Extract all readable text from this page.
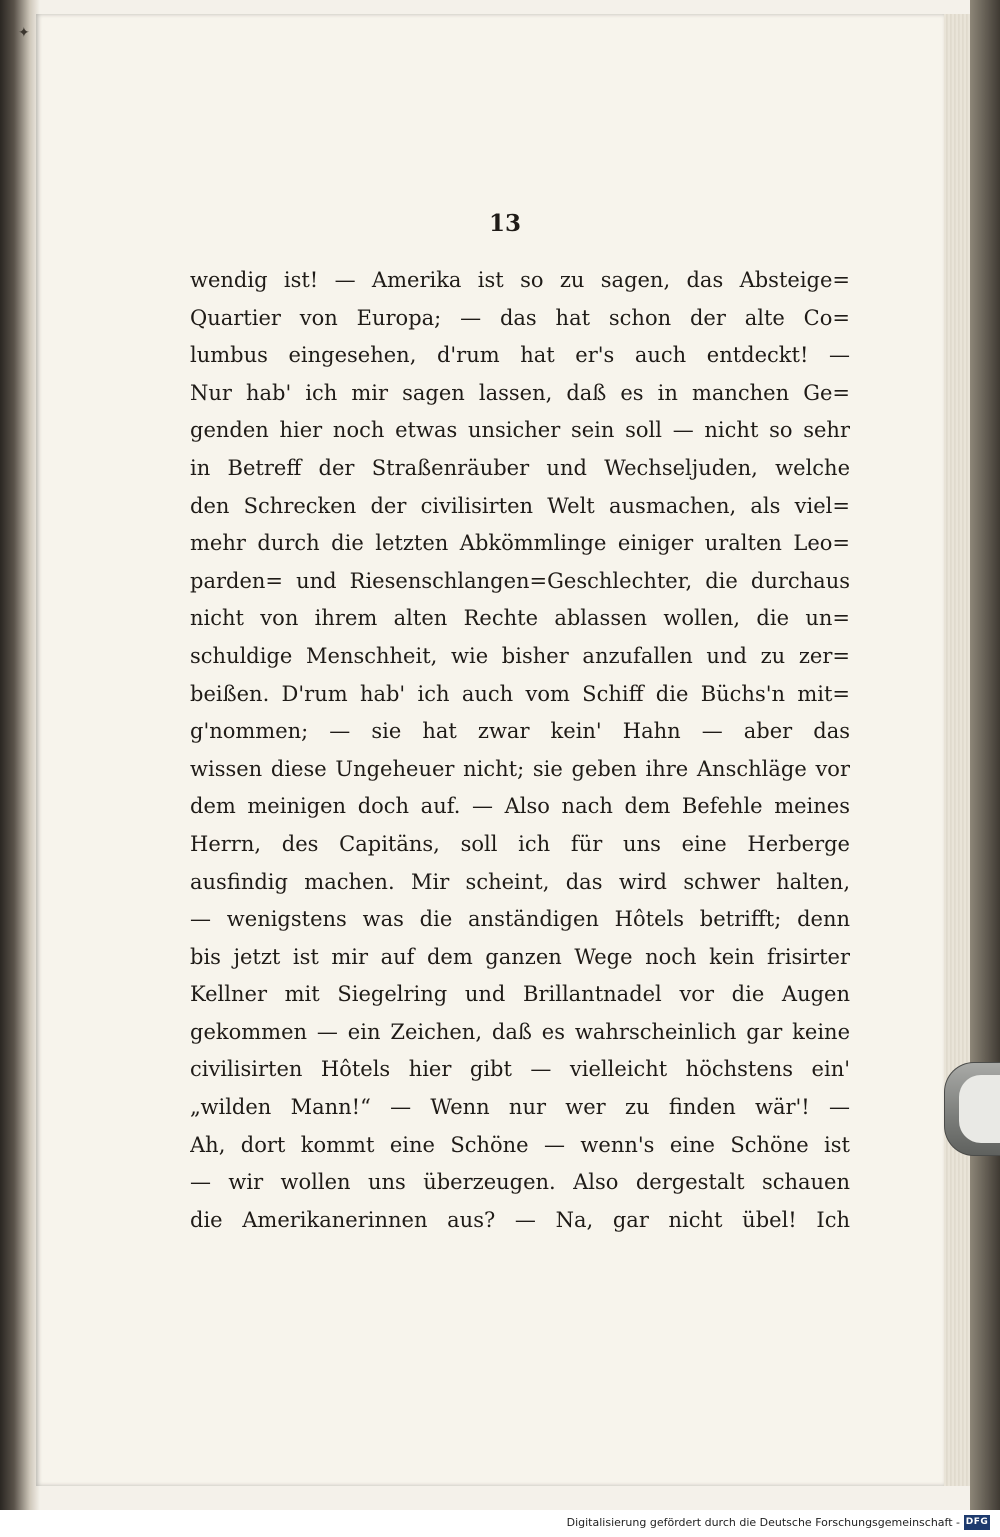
✦
13
wendig ist! — Amerika ist so zu sagen, das Absteige=
Quartier von Europa; — das hat schon der alte Co=
lumbus eingesehen, d'rum hat er's auch entdeckt! —
Nur hab' ich mir sagen lassen, daß es in manchen Ge=
genden hier noch etwas unsicher sein soll — nicht so sehr
in Betreff der Straßenräuber und Wechseljuden, welche
den Schrecken der civilisirten Welt ausmachen, als viel=
mehr durch die letzten Abkömmlinge einiger uralten Leo=
parden= und Riesenschlangen=Geschlechter, die durchaus
nicht von ihrem alten Rechte ablassen wollen, die un=
schuldige Menschheit, wie bisher anzufallen und zu zer=
beißen. D'rum hab' ich auch vom Schiff die Büchs'n mit=
g'nommen; — sie hat zwar kein' Hahn — aber das
wissen diese Ungeheuer nicht; sie geben ihre Anschläge vor
dem meinigen doch auf. — Also nach dem Befehle meines
Herrn, des Capitäns, soll ich für uns eine Herberge
ausfindig machen. Mir scheint, das wird schwer halten,
— wenigstens was die anständigen Hôtels betrifft; denn
bis jetzt ist mir auf dem ganzen Wege noch kein frisirter
Kellner mit Siegelring und Brillantnadel vor die Augen
gekommen — ein Zeichen, daß es wahrscheinlich gar keine
civilisirten Hôtels hier gibt — vielleicht höchstens ein'
„wilden Mann!“ — Wenn nur wer zu finden wär'! —
Ah, dort kommt eine Schöne — wenn's eine Schöne ist
— wir wollen uns überzeugen. Also dergestalt schauen
die Amerikanerinnen aus? — Na, gar nicht übel! Ich
Digitalisierung gefördert durch die Deutsche Forschungsgemeinschaft - DFG
